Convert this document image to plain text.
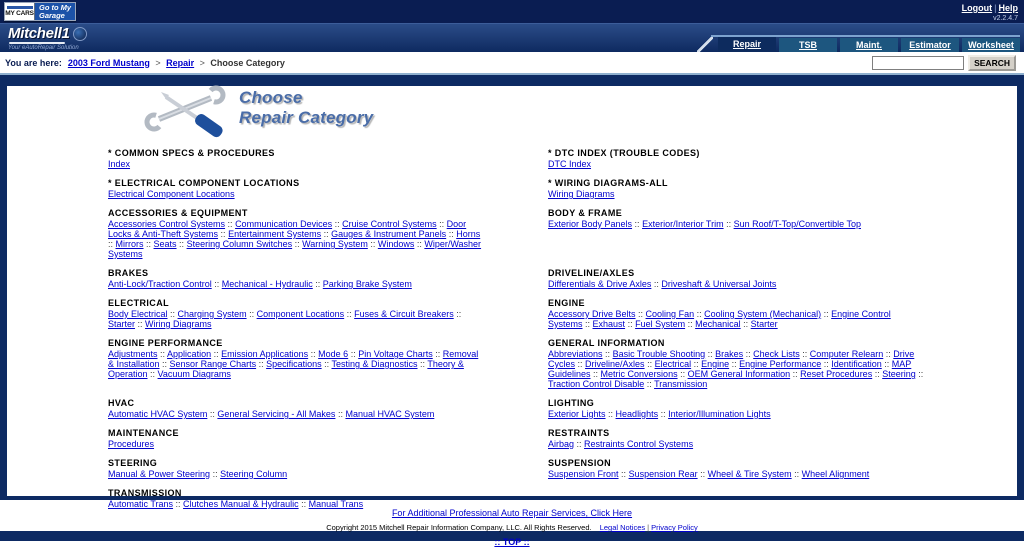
MY CARS
Go to My
Garage
Logout | Help
v2.2.4.7
Mitchell1
Your eAutoRepair Solution	Repair	TSB	Maint.	Estimator	Worksheet
You are here: 2003 Ford Mustang > Repair > Choose Category	SEARCH
Choose
Repair Category
* COMMON SPECS & PROCEDURES
Index
* DTC INDEX (TROUBLE CODES)
DTC Index
* ELECTRICAL COMPONENT LOCATIONS
Electrical Component Locations
* WIRING DIAGRAMS-ALL
Wiring Diagrams
ACCESSORIES & EQUIPMENT
Accessories Control Systems :: Communication Devices :: Cruise Control Systems :: Door Locks & Anti-Theft Systems :: Entertainment Systems :: Gauges & Instrument Panels :: Horns :: Mirrors :: Seats :: Steering Column Switches :: Warning System :: Windows :: Wiper/Washer Systems
BODY & FRAME
Exterior Body Panels :: Exterior/Interior Trim :: Sun Roof/T-Top/Convertible Top
BRAKES
Anti-Lock/Traction Control :: Mechanical - Hydraulic :: Parking Brake System
DRIVELINE/AXLES
Differentials & Drive Axles :: Driveshaft & Universal Joints
ELECTRICAL
Body Electrical :: Charging System :: Component Locations :: Fuses & Circuit Breakers :: Starter :: Wiring Diagrams
ENGINE
Accessory Drive Belts :: Cooling Fan :: Cooling System (Mechanical) :: Engine Control Systems :: Exhaust :: Fuel System :: Mechanical :: Starter
ENGINE PERFORMANCE
Adjustments :: Application :: Emission Applications :: Mode 6 :: Pin Voltage Charts :: Removal & Installation :: Sensor Range Charts :: Specifications :: Testing & Diagnostics :: Theory & Operation :: Vacuum Diagrams
GENERAL INFORMATION
Abbreviations :: Basic Trouble Shooting :: Brakes :: Check Lists :: Computer Relearn :: Drive Cycles :: Driveline/Axles :: Electrical :: Engine :: Engine Performance :: Identification :: MAP Guidelines :: Metric Conversions :: OEM General Information :: Reset Procedures :: Steering :: Traction Control Disable :: Transmission
HVAC
Automatic HVAC System :: General Servicing - All Makes :: Manual HVAC System
LIGHTING
Exterior Lights :: Headlights :: Interior/Illumination Lights
MAINTENANCE
Procedures
RESTRAINTS
Airbag :: Restraints Control Systems
STEERING
Manual & Power Steering :: Steering Column
SUSPENSION
Suspension Front :: Suspension Rear :: Wheel & Tire System :: Wheel Alignment
TRANSMISSION
Automatic Trans :: Clutches Manual & Hydraulic :: Manual Trans
For Additional Professional Auto Repair Services, Click Here
Copyright 2015 Mitchell Repair Information Company, LLC. All Rights Reserved. Legal Notices | Privacy Policy
:: TOP ::
